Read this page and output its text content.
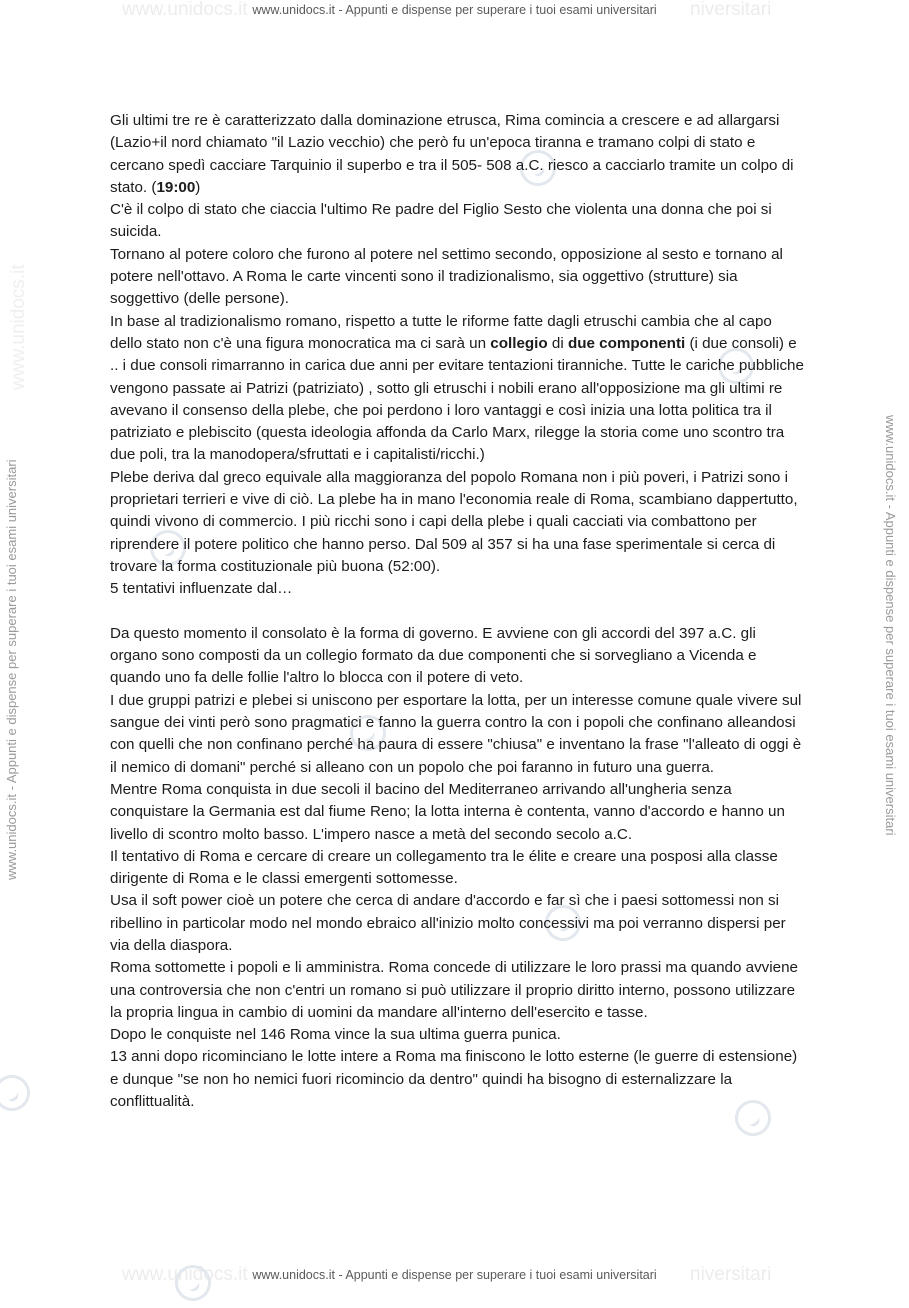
www.unidocs.it	niversitari
www.unidocs.it	niversitari
www.unidocs.it
www.unidocs.it - Appunti e dispense per superare i tuoi esami universitari
www.unidocs.it - Appunti e dispense per superare i tuoi esami universitari
www.unidocs.it - Appunti e dispense per superare i tuoi esami universitari	www.unidocs.it - Appunti e dispense per superare i tuoi esami universitari

Gli ultimi tre re è caratterizzato dalla dominazione etrusca, Rima comincia a crescere e ad allargarsi (Lazio+il nord chiamato "il Lazio vecchio) che però fu un'epoca tiranna e tramano colpi di stato e cercano spedì cacciare Tarquinio il superbo e tra il 505- 508 a.C. riesco a cacciarlo tramite un colpo di stato. (19:00)

C'è il colpo di stato che ciaccia l'ultimo Re padre del Figlio Sesto che violenta una donna che poi si suicida.

Tornano al potere coloro che furono al potere nel settimo secondo, opposizione al sesto e tornano al potere nell'ottavo. A Roma le carte vincenti sono il tradizionalismo, sia oggettivo (strutture) sia soggettivo (delle persone).

In base al tradizionalismo romano, rispetto a tutte le riforme fatte dagli etruschi cambia che al capo dello stato non c'è una figura monocratica ma ci sarà un collegio di due componenti (i due consoli) e .. i due consoli rimarranno in carica due anni per evitare tentazioni tiranniche. Tutte le cariche pubbliche vengono passate ai Patrizi (patriziato) , sotto gli etruschi i nobili erano all'opposizione ma gli ultimi re avevano il consenso della plebe, che poi perdono i loro vantaggi e così inizia una lotta politica tra il patriziato e plebiscito (questa ideologia affonda da Carlo Marx, rilegge la storia come uno scontro tra due poli, tra la manodopera/sfruttati e i capitalisti/ricchi.)

Plebe deriva dal greco equivale alla maggioranza del popolo Romana non i più poveri, i Patrizi sono i proprietari terrieri e vive di ciò. La plebe ha in mano l'economia reale di Roma, scambiano dappertutto, quindi vivono di commercio. I più ricchi sono i capi della plebe i quali cacciati via combattono per riprendere il potere politico che hanno perso. Dal 509 al 357 si ha una fase sperimentale si cerca di trovare la forma costituzionale più buona (52:00).

5 tentativi influenzate dal…

Da questo momento il consolato è la forma di governo. E avviene con gli accordi del 397 a.C. gli organo sono composti da un collegio formato da due componenti che si sorvegliano a Vicenda e quando uno fa delle follie l'altro lo blocca con il potere di veto.

I due gruppi patrizi e plebei si uniscono per esportare la lotta, per un interesse comune quale vivere sul sangue dei vinti però sono pragmatici e fanno la guerra contro la con i popoli che confinano alleandosi con quelli che non confinano perché ha paura di essere "chiusa" e inventano la frase "l'alleato di oggi è il nemico di domani" perché si alleano con un popolo che poi faranno in futuro una guerra.

Mentre Roma conquista in due secoli il bacino del Mediterraneo arrivando all'ungheria senza conquistare la Germania est dal fiume Reno; la lotta interna è contenta, vanno d'accordo e hanno un livello di scontro molto basso. L'impero nasce a metà del secondo secolo a.C.

Il tentativo di Roma e cercare di creare un collegamento tra le élite e creare una posposi alla classe dirigente di Roma e le classi emergenti sottomesse.

Usa il soft power cioè un potere che cerca di andare d'accordo e far sì che i paesi sottomessi non si ribellino in particolar modo nel mondo ebraico all'inizio molto concessivi ma poi verranno dispersi per via della diaspora.

Roma sottomette i popoli e li amministra. Roma concede di utilizzare le loro prassi ma quando avviene una controversia che non c'entri un romano si può utilizzare il proprio diritto interno, possono utilizzare la propria lingua in cambio di uomini da mandare all'interno dell'esercito e tasse.

Dopo le conquiste nel 146 Roma vince la sua ultima guerra punica.

13 anni dopo ricominciano le lotte intere a Roma ma finiscono le lotto esterne (le guerre di estensione) e dunque "se non ho nemici fuori ricomincio da dentro" quindi ha bisogno di esternalizzare la conflittualità.
